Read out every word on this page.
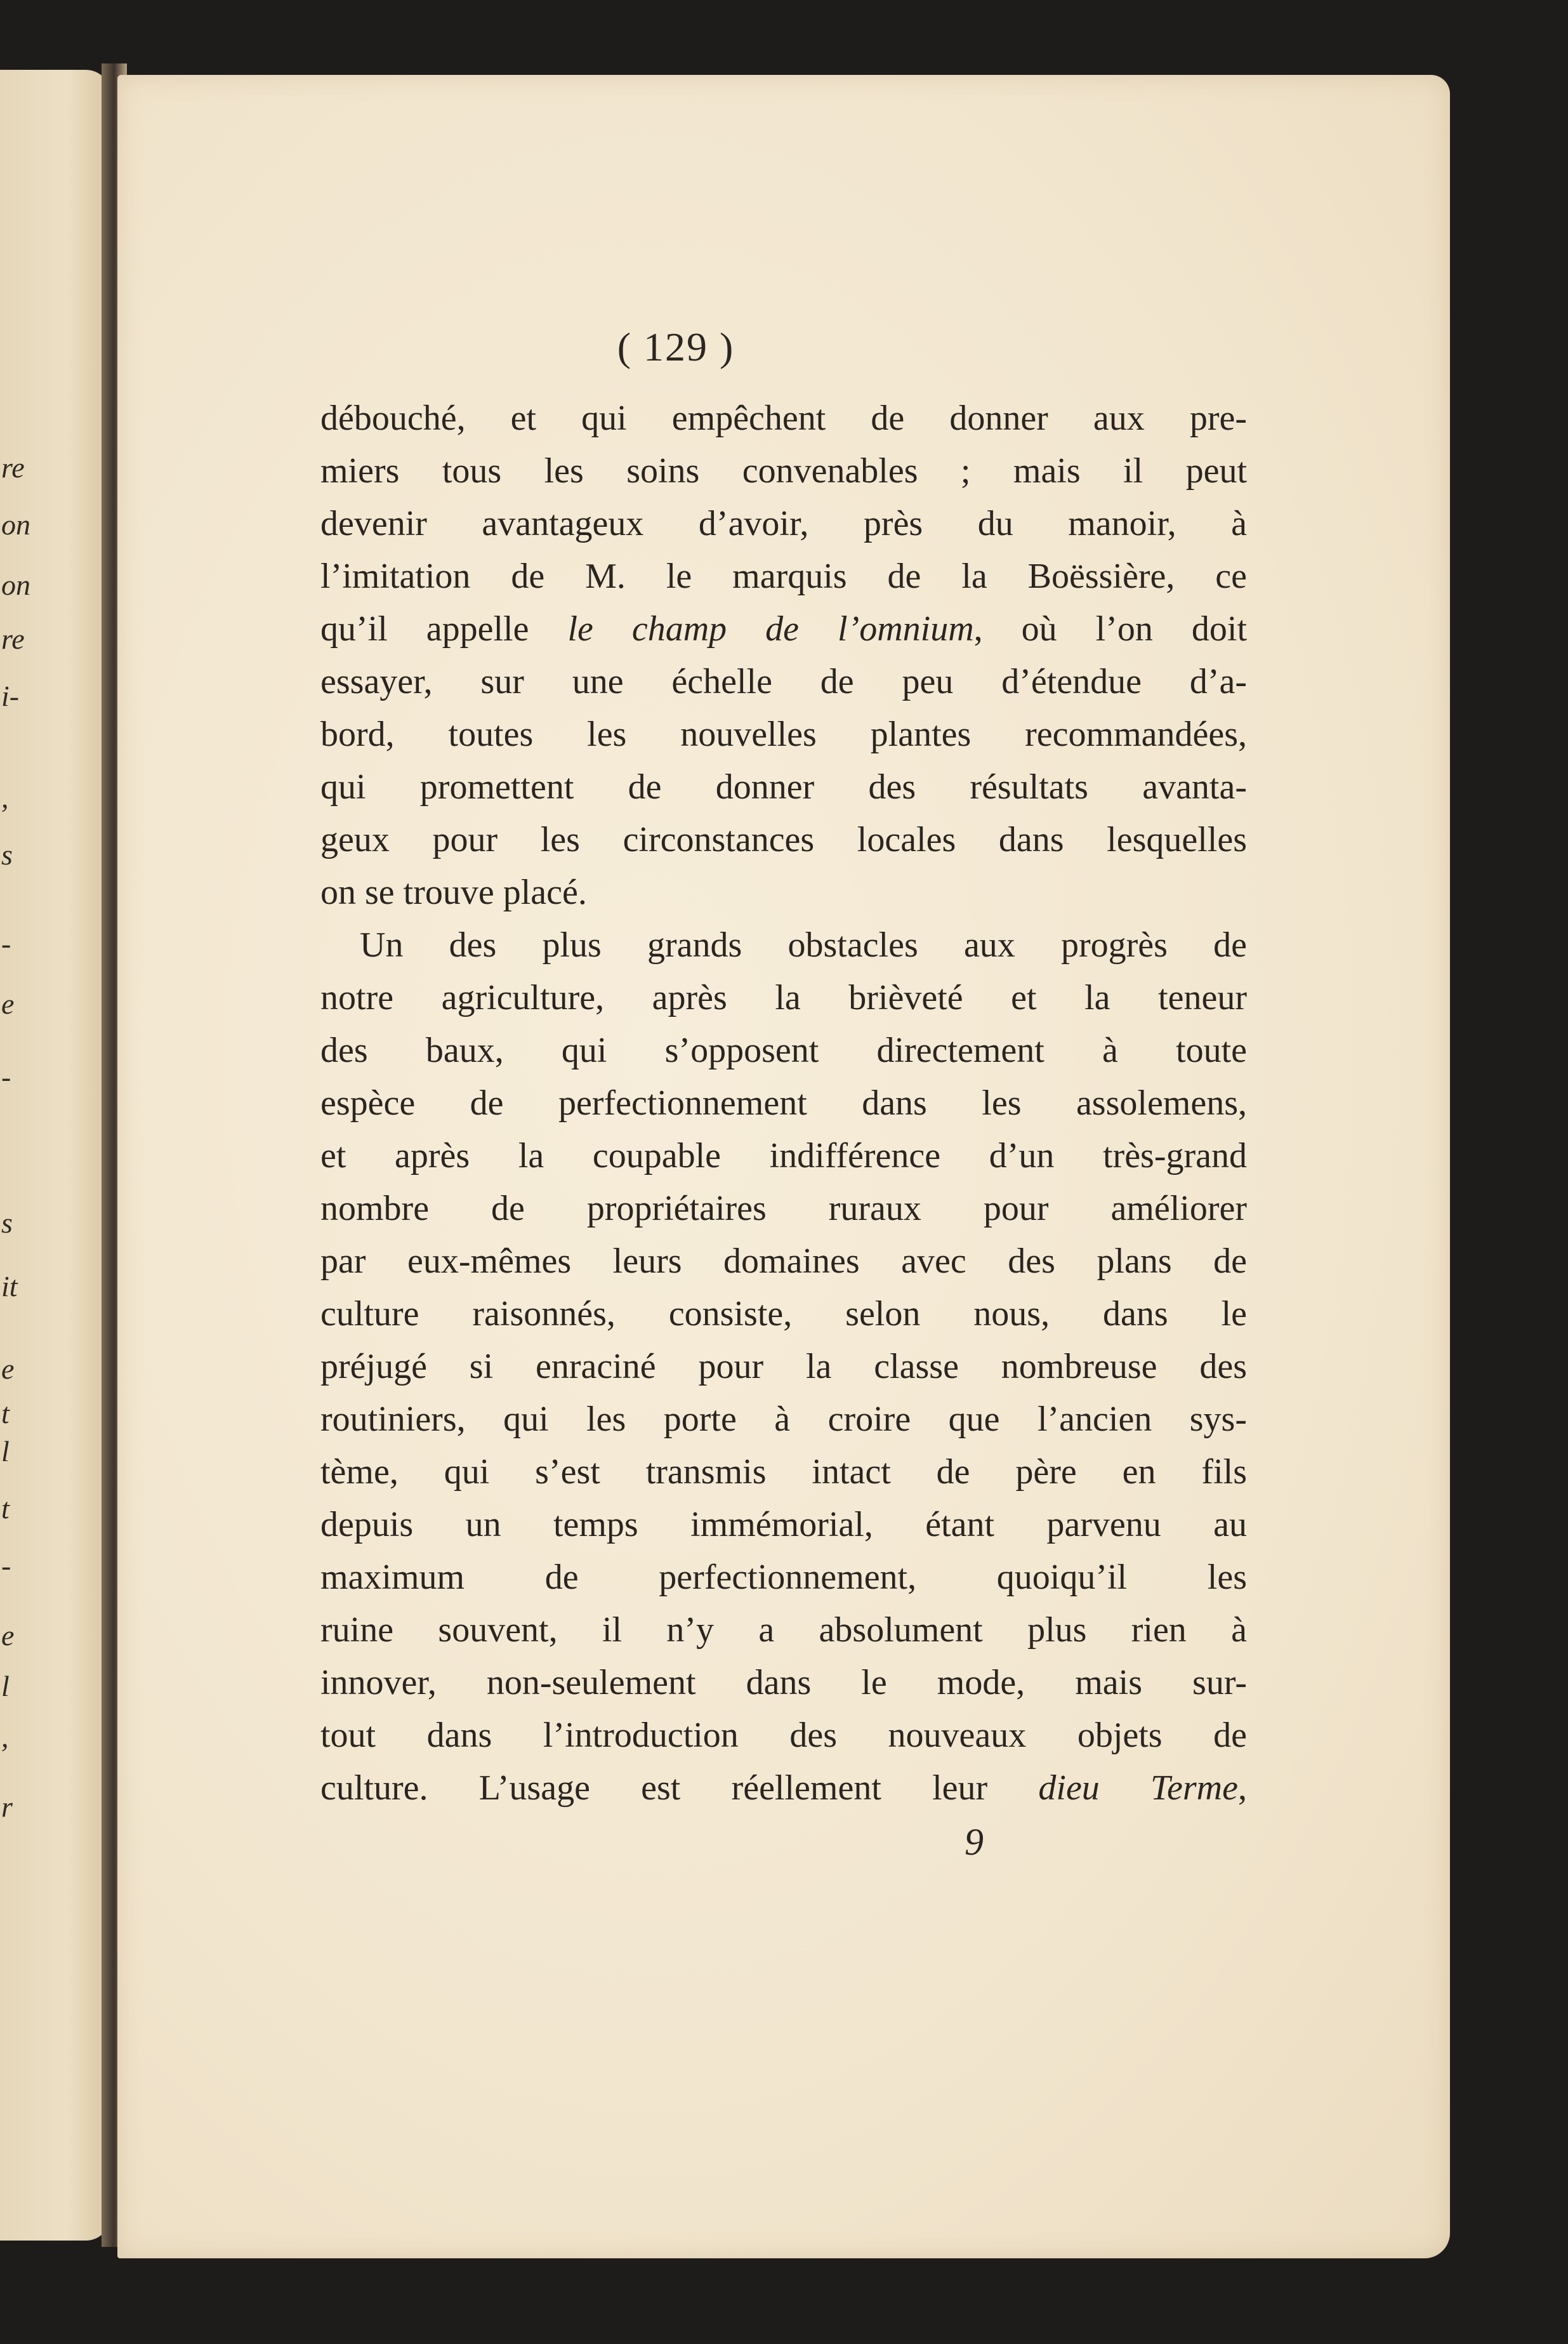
re
on
on
re
i-
,
s
-
e
-
s
it
e
t
l
t
-
e
l
,
r
( 129 )
débouché, et qui empêchent de donner aux pre-
miers tous les soins convenables ; mais il peut
devenir avantageux d’avoir, près du manoir, à
l’imitation de M. le marquis de la Boëssière, ce
qu’il appelle le champ de l’omnium, où l’on doit
essayer, sur une échelle de peu d’étendue d’a-
bord, toutes les nouvelles plantes recommandées,
qui promettent de donner des résultats avanta-
geux pour les circonstances locales dans lesquelles
on se trouve placé.
Un des plus grands obstacles aux progrès de
notre agriculture, après la brièveté et la teneur
des baux, qui s’opposent directement à toute
espèce de perfectionnement dans les assolemens,
et après la coupable indifférence d’un très-grand
nombre de propriétaires ruraux pour améliorer
par eux-mêmes leurs domaines avec des plans de
culture raisonnés, consiste, selon nous, dans le
préjugé si enraciné pour la classe nombreuse des
routiniers, qui les porte à croire que l’ancien sys-
tème, qui s’est transmis intact de père en fils
depuis un temps immémorial, étant parvenu au
maximum de perfectionnement, quoiqu’il les
ruine souvent, il n’y a absolument plus rien à
innover, non-seulement dans le mode, mais sur-
tout dans l’introduction des nouveaux objets de
culture. L’usage est réellement leur dieu Terme,
9
